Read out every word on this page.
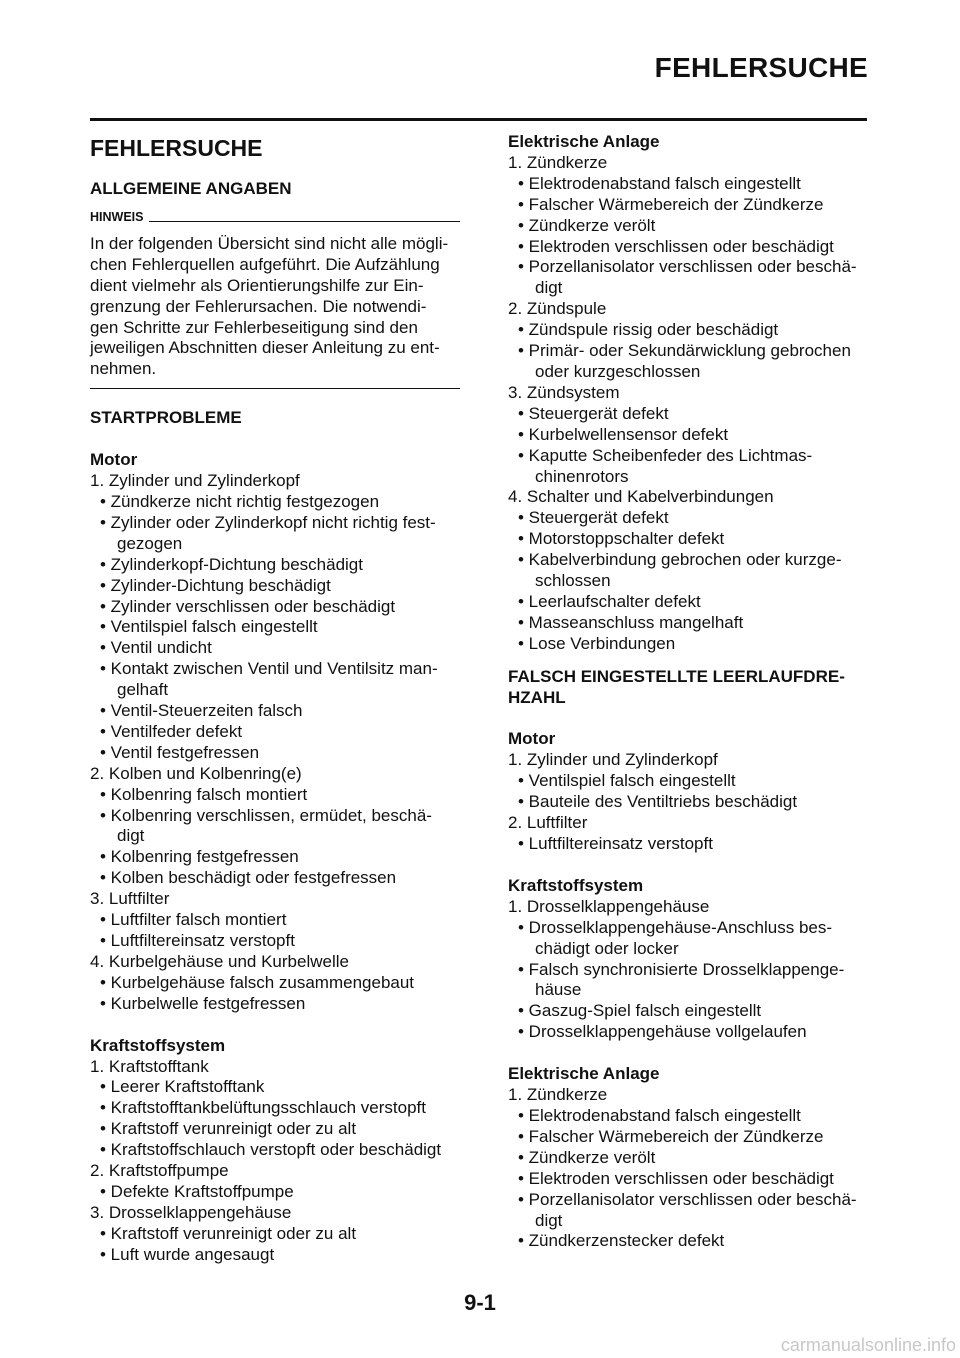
FEHLERSUCHE
FEHLERSUCHE
ALLGEMEINE ANGABEN
HINWEIS
In der folgenden Übersicht sind nicht alle mögli-
chen Fehlerquellen aufgeführt. Die Aufzählung
dient vielmehr als Orientierungshilfe zur Ein-
grenzung der Fehlerursachen. Die notwendi-
gen Schritte zur Fehlerbeseitigung sind den
jeweiligen Abschnitten dieser Anleitung zu ent-
nehmen.
STARTPROBLEME
Motor
1. Zylinder und Zylinderkopf
• Zündkerze nicht richtig festgezogen
• Zylinder oder Zylinderkopf nicht richtig fest-
gezogen
• Zylinderkopf-Dichtung beschädigt
• Zylinder-Dichtung beschädigt
• Zylinder verschlissen oder beschädigt
• Ventilspiel falsch eingestellt
• Ventil undicht
• Kontakt zwischen Ventil und Ventilsitz man-
gelhaft
• Ventil-Steuerzeiten falsch
• Ventilfeder defekt
• Ventil festgefressen
2. Kolben und Kolbenring(e)
• Kolbenring falsch montiert
• Kolbenring verschlissen, ermüdet, beschä-
digt
• Kolbenring festgefressen
• Kolben beschädigt oder festgefressen
3. Luftfilter
• Luftfilter falsch montiert
• Luftfiltereinsatz verstopft
4. Kurbelgehäuse und Kurbelwelle
• Kurbelgehäuse falsch zusammengebaut
• Kurbelwelle festgefressen
Kraftstoffsystem
1. Kraftstofftank
• Leerer Kraftstofftank
• Kraftstofftankbelüftungsschlauch verstopft
• Kraftstoff verunreinigt oder zu alt
• Kraftstoffschlauch verstopft oder beschädigt
2. Kraftstoffpumpe
• Defekte Kraftstoffpumpe
3. Drosselklappengehäuse
• Kraftstoff verunreinigt oder zu alt
• Luft wurde angesaugt
Elektrische Anlage
1. Zündkerze
• Elektrodenabstand falsch eingestellt
• Falscher Wärmebereich der Zündkerze
• Zündkerze verölt
• Elektroden verschlissen oder beschädigt
• Porzellanisolator verschlissen oder beschä-
digt
2. Zündspule
• Zündspule rissig oder beschädigt
• Primär- oder Sekundärwicklung gebrochen
oder kurzgeschlossen
3. Zündsystem
• Steuergerät defekt
• Kurbelwellensensor defekt
• Kaputte Scheibenfeder des Lichtmas-
chinenrotors
4. Schalter und Kabelverbindungen
• Steuergerät defekt
• Motorstoppschalter defekt
• Kabelverbindung gebrochen oder kurzge-
schlossen
• Leerlaufschalter defekt
• Masseanschluss mangelhaft
• Lose Verbindungen
FALSCH EINGESTELLTE LEERLAUFDRE-
HZAHL
Motor
1. Zylinder und Zylinderkopf
• Ventilspiel falsch eingestellt
• Bauteile des Ventiltriebs beschädigt
2. Luftfilter
• Luftfiltereinsatz verstopft
Kraftstoffsystem
1. Drosselklappengehäuse
• Drosselklappengehäuse-Anschluss bes-
chädigt oder locker
• Falsch synchronisierte Drosselklappenge-
häuse
• Gaszug-Spiel falsch eingestellt
• Drosselklappengehäuse vollgelaufen
Elektrische Anlage
1. Zündkerze
• Elektrodenabstand falsch eingestellt
• Falscher Wärmebereich der Zündkerze
• Zündkerze verölt
• Elektroden verschlissen oder beschädigt
• Porzellanisolator verschlissen oder beschä-
digt
• Zündkerzenstecker defekt
9-1
carmanualsonline.info
